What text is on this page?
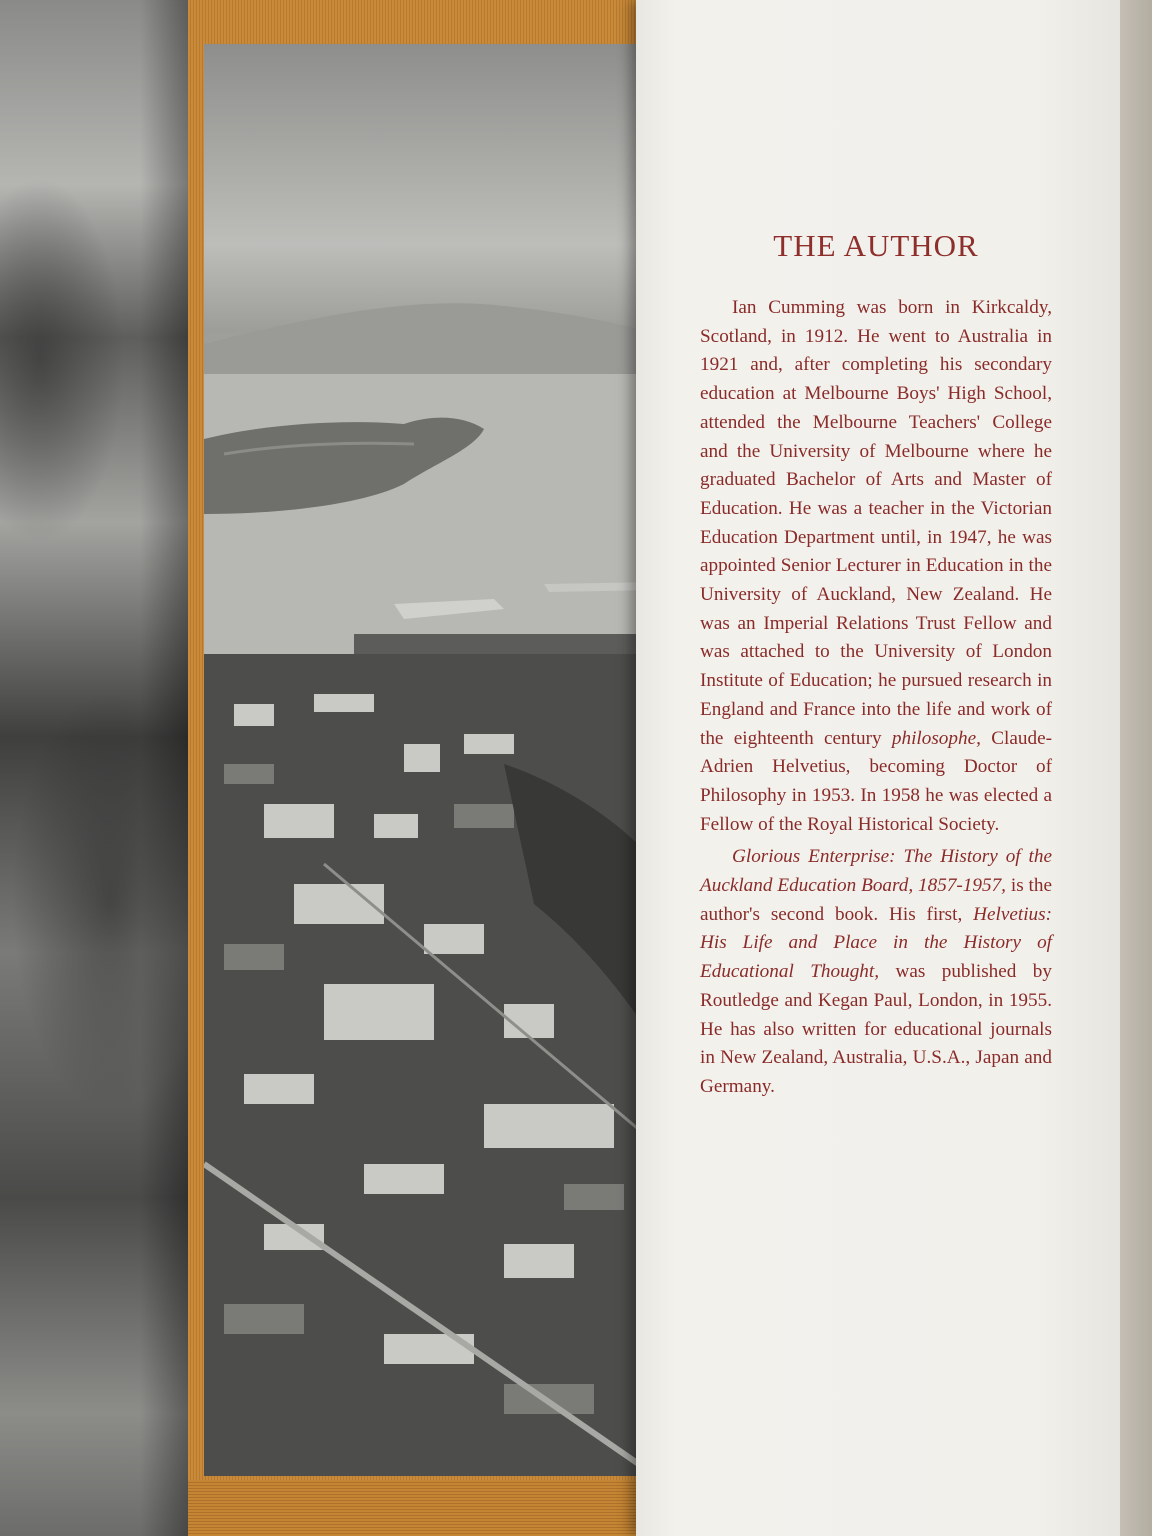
THE AUTHOR

Ian Cumming was born in Kirkcaldy, Scotland, in 1912. He went to Australia in 1921 and, after completing his secondary education at Melbourne Boys' High School, attended the Melbourne Teachers' College and the University of Melbourne where he graduated Bachelor of Arts and Master of Education. He was a teacher in the Victorian Education Department until, in 1947, he was appointed Senior Lecturer in Education in the University of Auckland, New Zealand. He was an Imperial Relations Trust Fellow and was attached to the University of London Institute of Education; he pursued research in England and France into the life and work of the eighteenth century philosophe, Claude-Adrien Helvetius, becoming Doctor of Philosophy in 1953. In 1958 he was elected a Fellow of the Royal Historical Society.

Glorious Enterprise: The History of the Auckland Education Board, 1857-1957, is the author's second book. His first, Helvetius: His Life and Place in the History of Educational Thought, was published by Routledge and Kegan Paul, London, in 1955. He has also written for educational journals in New Zealand, Australia, U.S.A., Japan and Germany.
